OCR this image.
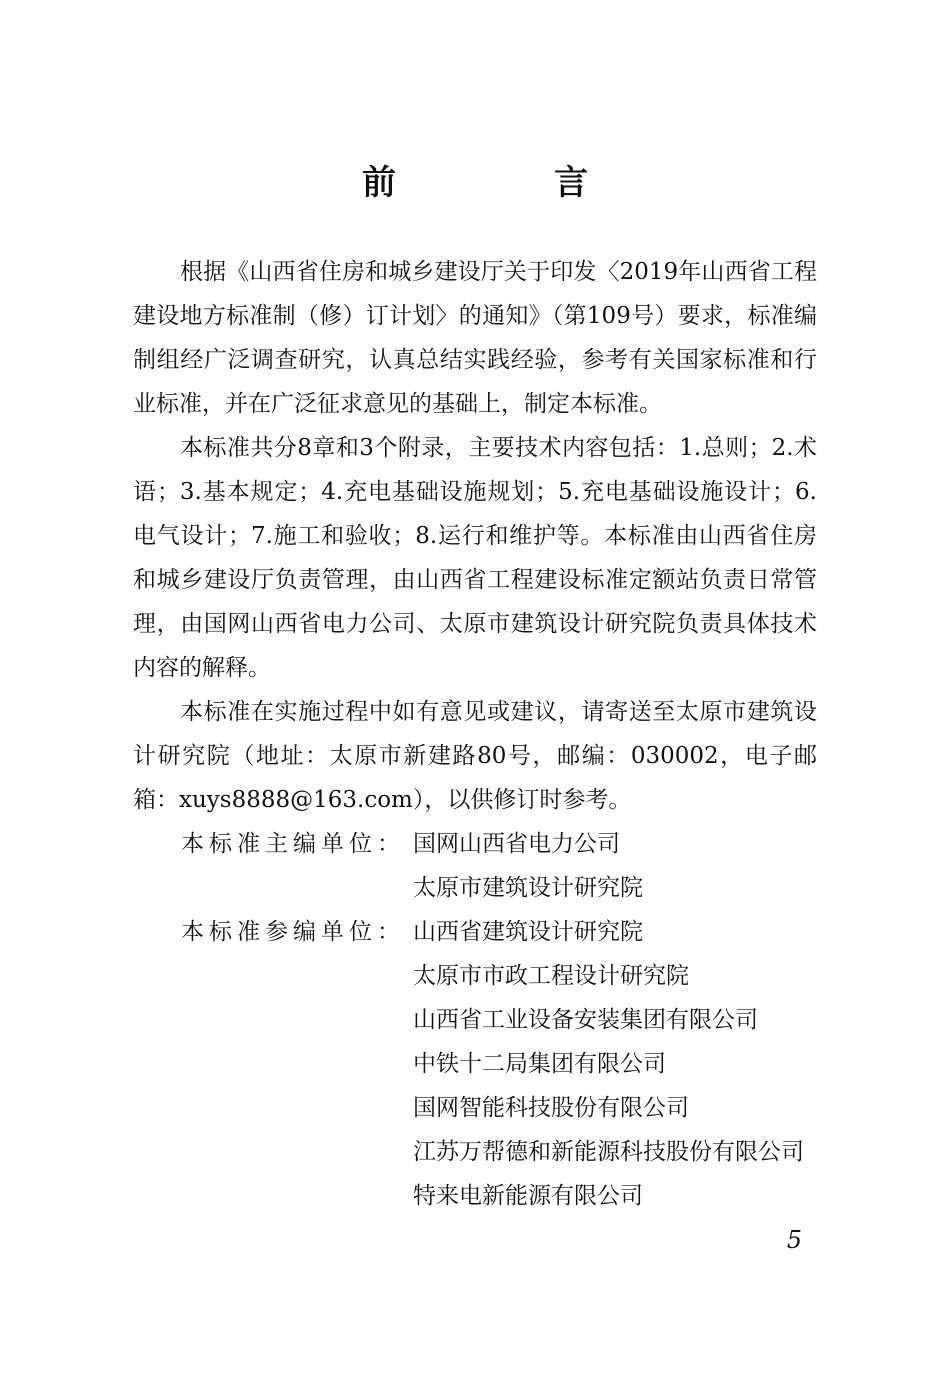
前　言

根据《山西省住房和城乡建设厅关于印发〈2019年山西省工程建设地方标准制（修）订计划〉的通知》（第109号）要求，标准编制组经广泛调查研究，认真总结实践经验，参考有关国家标准和行业标准，并在广泛征求意见的基础上，制定本标准。

本标准共分8章和3个附录，主要技术内容包括：1.总则；2.术语；3.基本规定；4.充电基础设施规划；5.充电基础设施设计；6.电气设计；7.施工和验收；8.运行和维护等。本标准由山西省住房和城乡建设厅负责管理，由山西省工程建设标准定额站负责日常管理，由国网山西省电力公司、太原市建筑设计研究院负责具体技术内容的解释。

本标准在实施过程中如有意见或建议，请寄送至太原市建筑设计研究院（地址：太原市新建路80号，邮编：030002，电子邮箱：xuys8888@163.com），以供修订时参考。

本标准主编单位： 国网山西省电力公司
太原市建筑设计研究院
本标准参编单位： 山西省建筑设计研究院
太原市市政工程设计研究院
山西省工业设备安装集团有限公司
中铁十二局集团有限公司
国网智能科技股份有限公司
江苏万帮德和新能源科技股份有限公司
特来电新能源有限公司
5
